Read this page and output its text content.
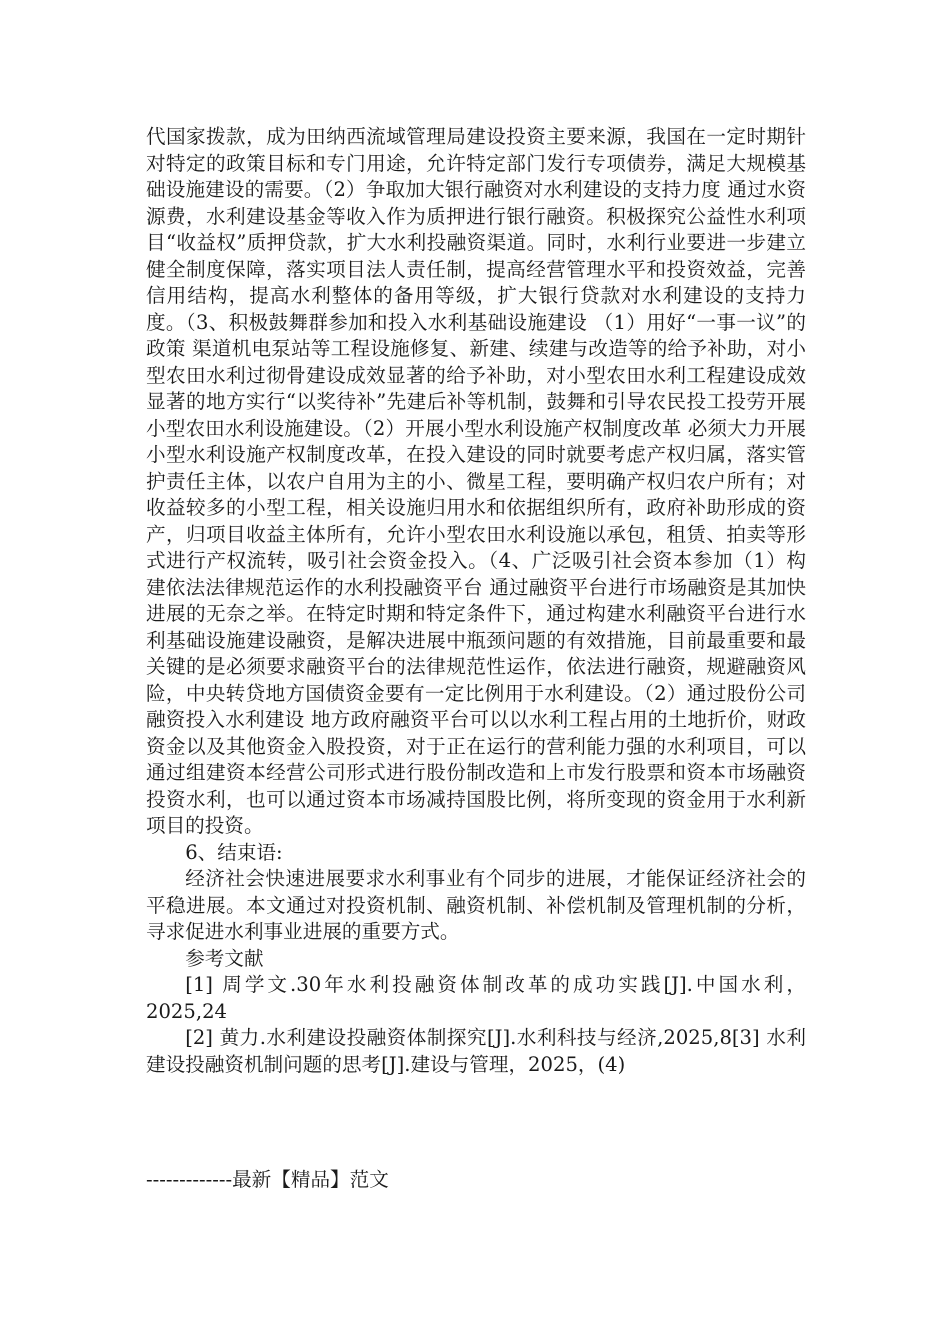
代国家拨款，成为田纳西流域管理局建设投资主要来源，我国在一定时期针对特定的政策目标和专门用途，允许特定部门发行专项债券，满足大规模基础设施建设的需要。（2）争取加大银行融资对水利建设的支持力度 通过水资源费，水利建设基金等收入作为质押进行银行融资。积极探究公益性水利项目“收益权”质押贷款，扩大水利投融资渠道。同时，水利行业要进一步建立健全制度保障，落实项目法人责任制，提高经营管理水平和投资效益，完善信用结构，提高水利整体的备用等级，扩大银行贷款对水利建设的支持力度。（3、积极鼓舞群参加和投入水利基础设施建设 （1）用好“一事一议”的政策 渠道机电泵站等工程设施修复、新建、续建与改造等的给予补助，对小型农田水利过彻骨建设成效显著的给予补助，对小型农田水利工程建设成效显著的地方实行“以奖待补”先建后补等机制，鼓舞和引导农民投工投劳开展小型农田水利设施建设。（2）开展小型水利设施产权制度改革 必须大力开展小型水利设施产权制度改革，在投入建设的同时就要考虑产权归属，落实管护责任主体，以农户自用为主的小、微星工程，要明确产权归农户所有；对收益较多的小型工程，相关设施归用水和依据组织所有，政府补助形成的资产，归项目收益主体所有，允许小型农田水利设施以承包，租赁、拍卖等形式进行产权流转，吸引社会资金投入。（4、广泛吸引社会资本参加（1）构建依法法律规范运作的水利投融资平台 通过融资平台进行市场融资是其加快进展的无奈之举。在特定时期和特定条件下，通过构建水利融资平台进行水利基础设施建设融资，是解决进展中瓶颈问题的有效措施，目前最重要和最关键的是必须要求融资平台的法律规范性运作，依法进行融资，规避融资风险，中央转贷地方国债资金要有一定比例用于水利建设。（2）通过股份公司融资投入水利建设 地方政府融资平台可以以水利工程占用的土地折价，财政资金以及其他资金入股投资，对于正在运行的营利能力强的水利项目，可以通过组建资本经营公司形式进行股份制改造和上市发行股票和资本市场融资投资水利，也可以通过资本市场减持国股比例，将所变现的资金用于水利新项目的投资。

6、结束语:

经济社会快速进展要求水利事业有个同步的进展，才能保证经济社会的平稳进展。本文通过对投资机制、融资机制、补偿机制及管理机制的分析，寻求促进水利事业进展的重要方式。

参考文献

[1] 周学文.30年水利投融资体制改革的成功实践[J].中国水利，2025,24

[2] 黄力.水利建设投融资体制探究[J].水利科技与经济,2025,8[3] 水利建设投融资机制问题的思考[J].建设与管理，2025，(4)

-------------最新【精品】范文
